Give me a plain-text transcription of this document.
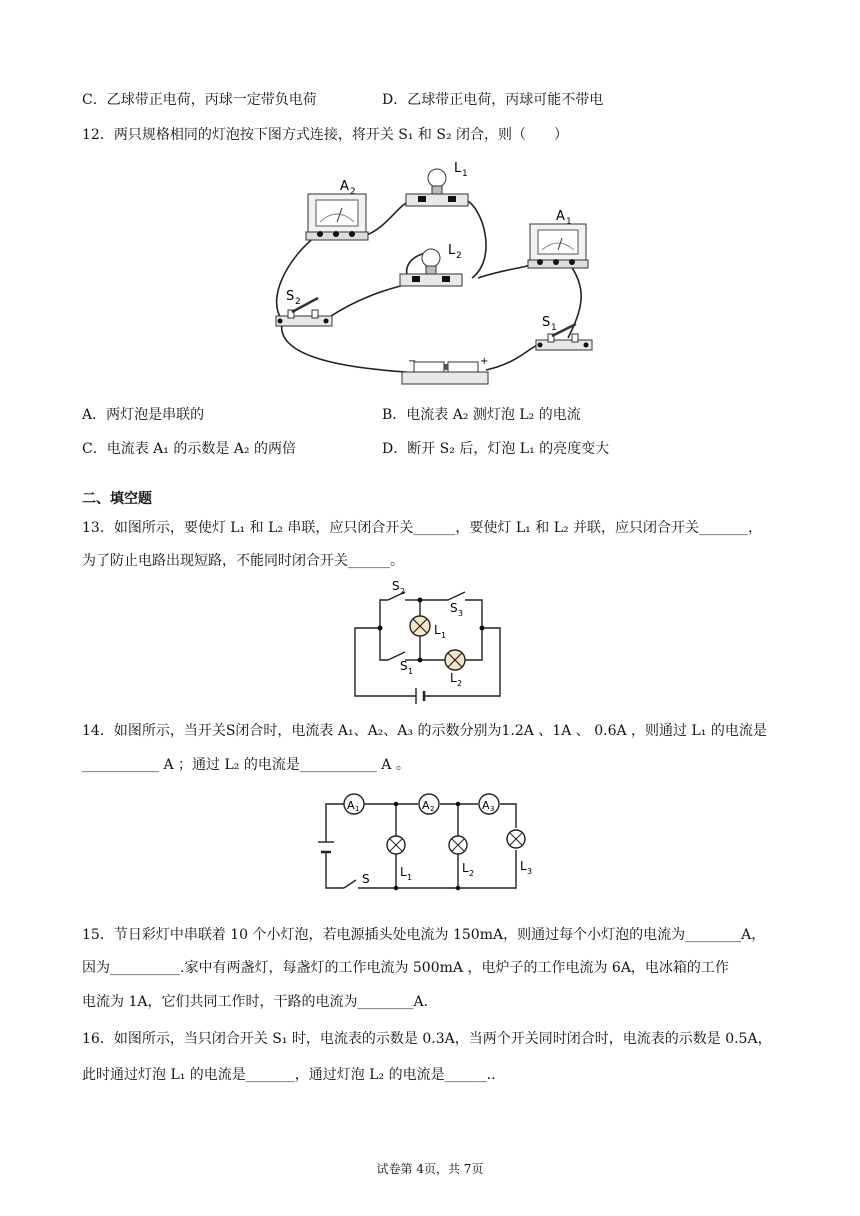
C．乙球带正电荷，丙球一定带负电荷	D．乙球带正电荷，丙球可能不带电
12．两只规格相同的灯泡按下图方式连接，将开关 S₁ 和 S₂ 闭合，则（　　）
A 2
L 1
L 2
A 1
S 2
S 1
−	+
A．两灯泡是串联的	B．电流表 A₂ 测灯泡 L₂ 的电流
C．电流表 A₁ 的示数是 A₂ 的两倍	D．断开 S₂ 后，灯泡 L₁ 的亮度变大
二、填空题
13．如图所示，要使灯 L₁ 和 L₂ 串联，应只闭合开关______，要使灯 L₁ 和 L₂ 并联，应只闭合开关_______，
为了防止电路出现短路，不能同时闭合开关______。
S 2
S 3
L 1
S 1	L 2
14．如图所示，当开关S闭合时，电流表 A₁、A₂、A₃ 的示数分别为1.2A 、1A 、 0.6A ，则通过 L₁ 的电流是
___________ A ；通过 L₂ 的电流是___________ A 。
A 1	A 2	A 3
L 1
L 2
L 3
S
15．节日彩灯中串联着 10 个小灯泡，若电源插头处电流为 150mA，则通过每个小灯泡的电流为________A，
因为__________.家中有两盏灯，每盏灯的工作电流为 500mA ，电炉子的工作电流为 6A，电冰箱的工作
电流为 1A，它们共同工作时，干路的电流为________A．
16．如图所示，当只闭合开关 S₁ 时，电流表的示数是 0.3A，当两个开关同时闭合时，电流表的示数是 0.5A，
此时通过灯泡 L₁ 的电流是_______，通过灯泡 L₂ 的电流是______..
试卷第 4页，共 7页
